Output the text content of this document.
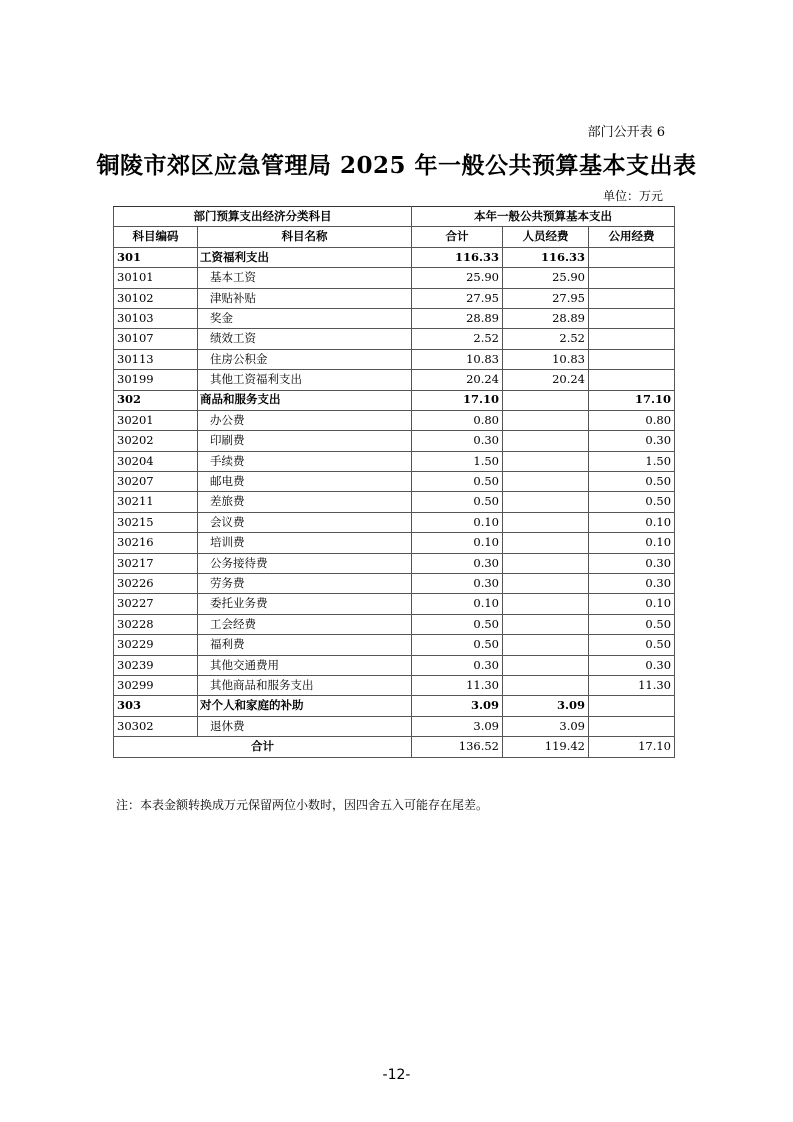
部门公开表 6
铜陵市郊区应急管理局 2025 年一般公共预算基本支出表
单位：万元
部门预算支出经济分类科目		本年一般公共预算基本支出		
科目编码	科目名称	合计	人员经费	公用经费
301	工资福利支出	116.33	116.33	
30101	基本工资	25.90	25.90	
30102	津贴补贴	27.95	27.95	
30103	奖金	28.89	28.89	
30107	绩效工资	2.52	2.52	
30113	住房公积金	10.83	10.83	
30199	其他工资福利支出	20.24	20.24	
302	商品和服务支出	17.10		17.10
30201	办公费	0.80		0.80
30202	印刷费	0.30		0.30
30204	手续费	1.50		1.50
30207	邮电费	0.50		0.50
30211	差旅费	0.50		0.50
30215	会议费	0.10		0.10
30216	培训费	0.10		0.10
30217	公务接待费	0.30		0.30
30226	劳务费	0.30		0.30
30227	委托业务费	0.10		0.10
30228	工会经费	0.50		0.50
30229	福利费	0.50		0.50
30239	其他交通费用	0.30		0.30
30299	其他商品和服务支出	11.30		11.30
303	对个人和家庭的补助	3.09	3.09	
30302	退休费	3.09	3.09	
合计		136.52	119.42	17.10
注：本表金额转换成万元保留两位小数时，因四舍五入可能存在尾差。
-12-
